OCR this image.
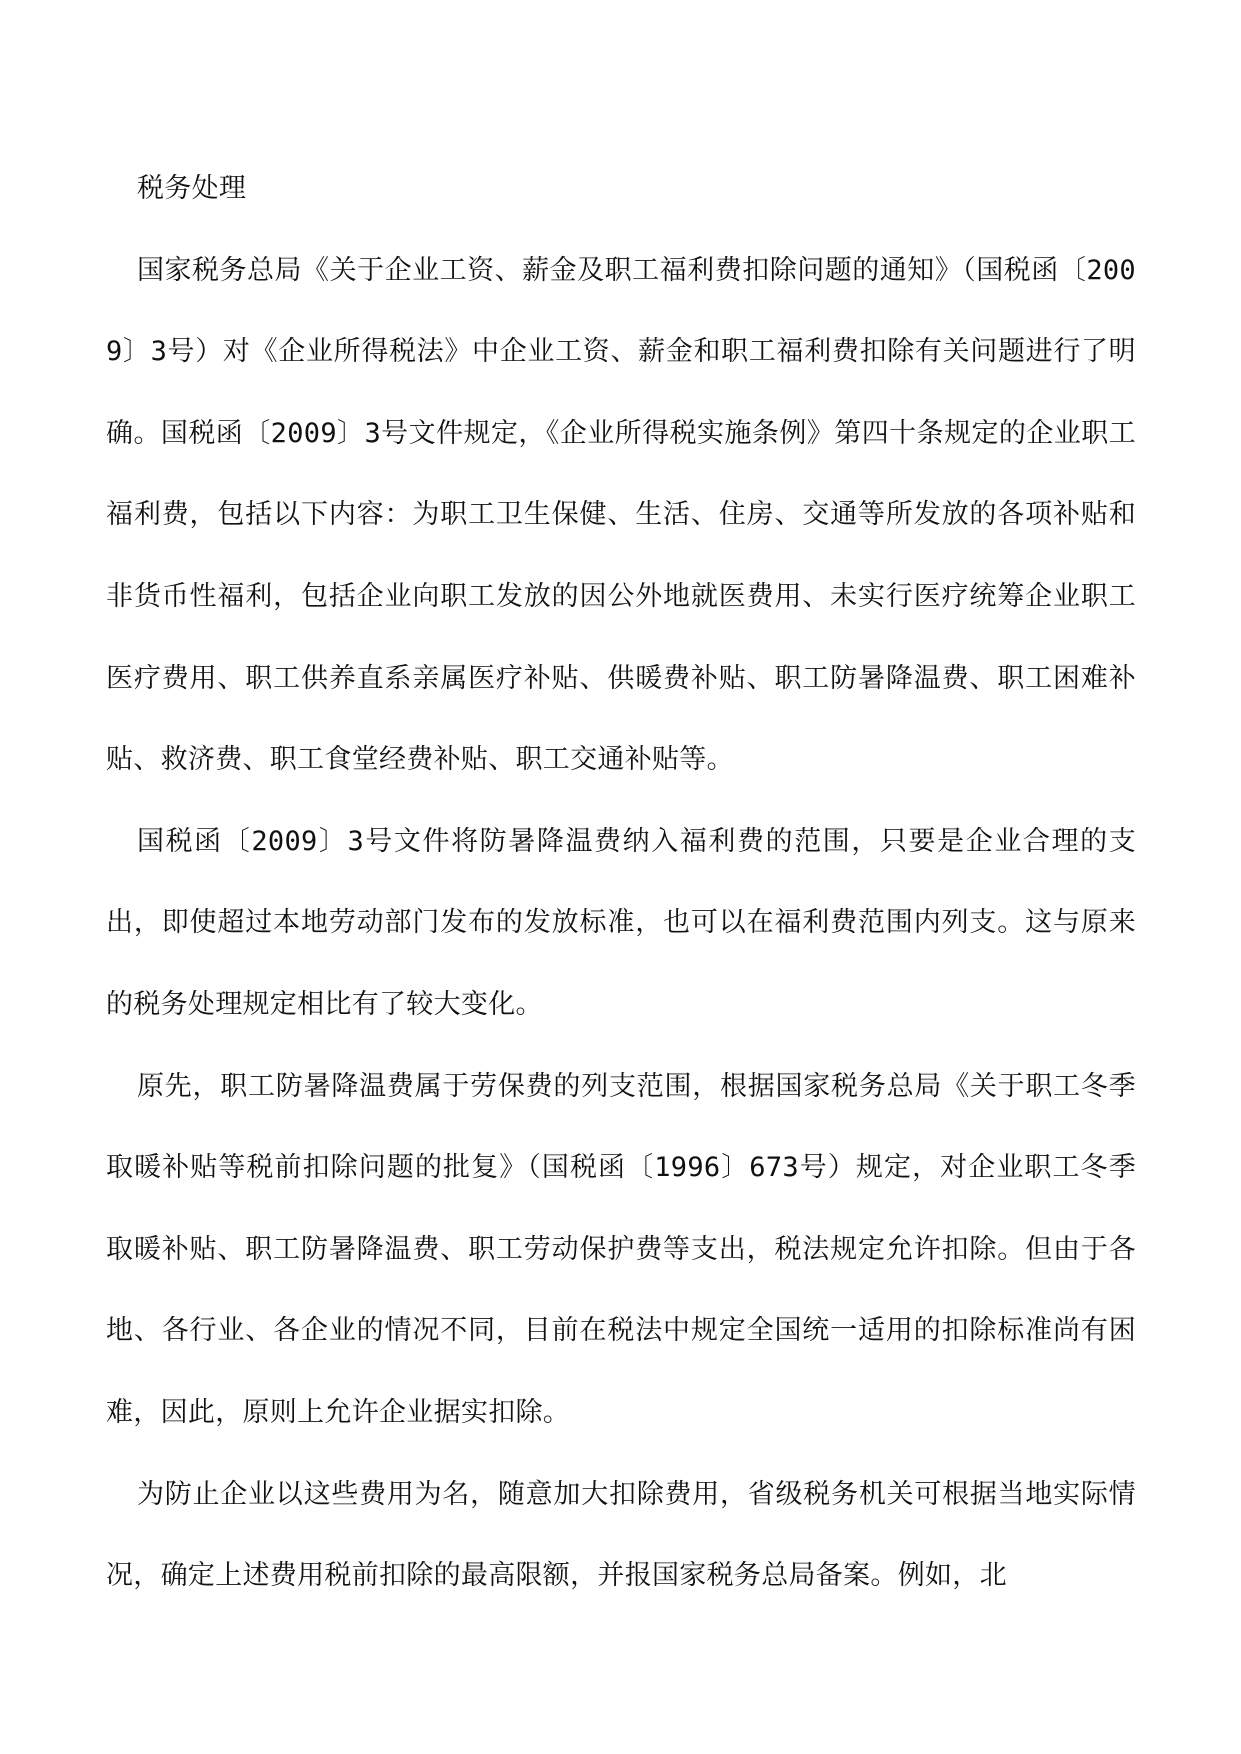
税务处理

国家税务总局《关于企业工资、薪金及职工福利费扣除问题的通知》（国税函〔2009〕3号）对《企业所得税法》中企业工资、薪金和职工福利费扣除有关问题进行了明确。国税函〔2009〕3号文件规定，《企业所得税实施条例》第四十条规定的企业职工福利费，包括以下内容：为职工卫生保健、生活、住房、交通等所发放的各项补贴和非货币性福利，包括企业向职工发放的因公外地就医费用、未实行医疗统筹企业职工医疗费用、职工供养直系亲属医疗补贴、供暖费补贴、职工防暑降温费、职工困难补贴、救济费、职工食堂经费补贴、职工交通补贴等。

国税函〔2009〕3号文件将防暑降温费纳入福利费的范围，只要是企业合理的支出，即使超过本地劳动部门发布的发放标准，也可以在福利费范围内列支。这与原来的税务处理规定相比有了较大变化。

原先，职工防暑降温费属于劳保费的列支范围，根据国家税务总局《关于职工冬季取暖补贴等税前扣除问题的批复》（国税函〔1996〕673号）规定，对企业职工冬季取暖补贴、职工防暑降温费、职工劳动保护费等支出，税法规定允许扣除。但由于各地、各行业、各企业的情况不同，目前在税法中规定全国统一适用的扣除标准尚有困难，因此，原则上允许企业据实扣除。

为防止企业以这些费用为名，随意加大扣除费用，省级税务机关可根据当地实际情况，确定上述费用税前扣除的最高限额，并报国家税务总局备案。例如，北
